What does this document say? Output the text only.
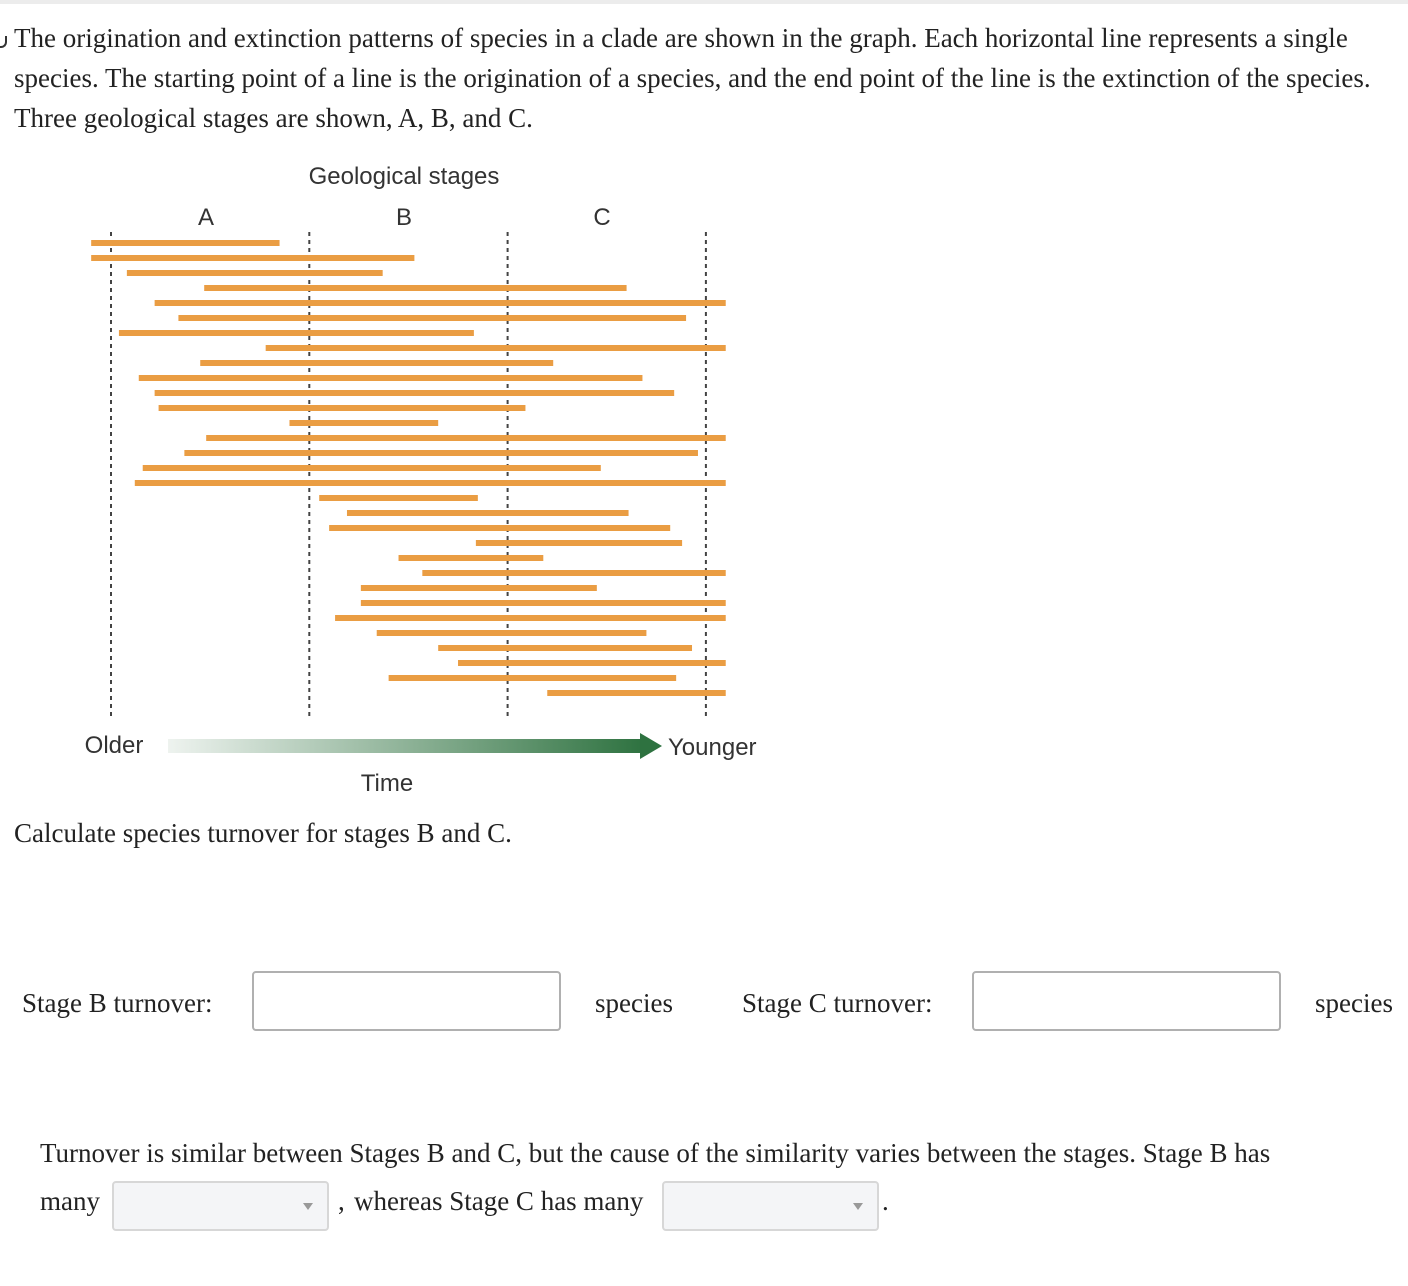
The origination and extinction patterns of species in a clade are shown in the graph. Each horizontal line represents a single species. The starting point of a line is the origination of a species, and the end point of the line is the extinction of the species. Three geological stages are shown, A, B, and C.

Geological stages
A	B	C
Older	Younger
Time

Calculate species turnover for stages B and C.

Stage B turnover:	species	Stage C turnover:	species

Turnover is similar between Stages B and C, but the cause of the similarity varies between the stages. Stage B has

many	, whereas Stage C has many	.
